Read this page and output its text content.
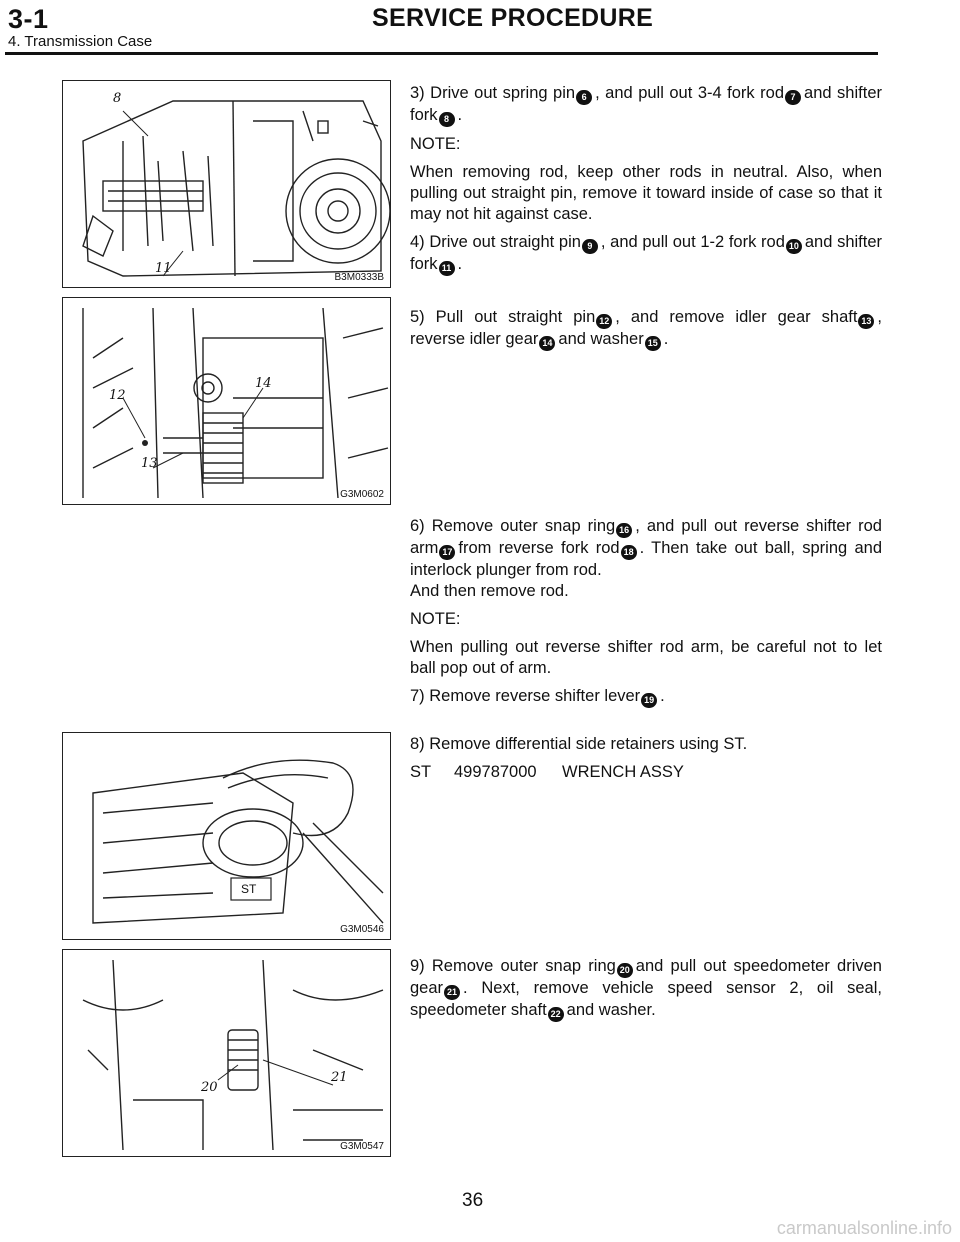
3-1	SERVICE PROCEDURE
4. Transmission Case
8
11
B3M0333B
12
14
13
G3M0602
ST
G3M0546
20
21
G3M0547

3) Drive out spring pin 6 , and pull out 3-4 fork rod 7 and shifter fork 8 .

NOTE:

When removing rod, keep other rods in neutral. Also, when pulling out straight pin, remove it toward inside of case so that it may not hit against case.

4) Drive out straight pin 9 , and pull out 1-2 fork rod 10 and shifter fork 11 .

5) Pull out straight pin 12 , and remove idler gear shaft 13 , reverse idler gear 14 and washer 15 .

6) Remove outer snap ring 16 , and pull out reverse shifter rod arm 17 from reverse fork rod 18 . Then take out ball, spring and interlock plunger from rod.

And then remove rod.

NOTE:

When pulling out reverse shifter rod arm, be careful not to let ball pop out of arm.

7) Remove reverse shifter lever 19 .

8) Remove differential side retainers using ST.

ST 499787000 WRENCH ASSY

9) Remove outer snap ring 20 and pull out speedometer driven gear 21 . Next, remove vehicle speed sensor 2, oil seal, speedometer shaft 22 and washer.

36
carmanualsonline.info
